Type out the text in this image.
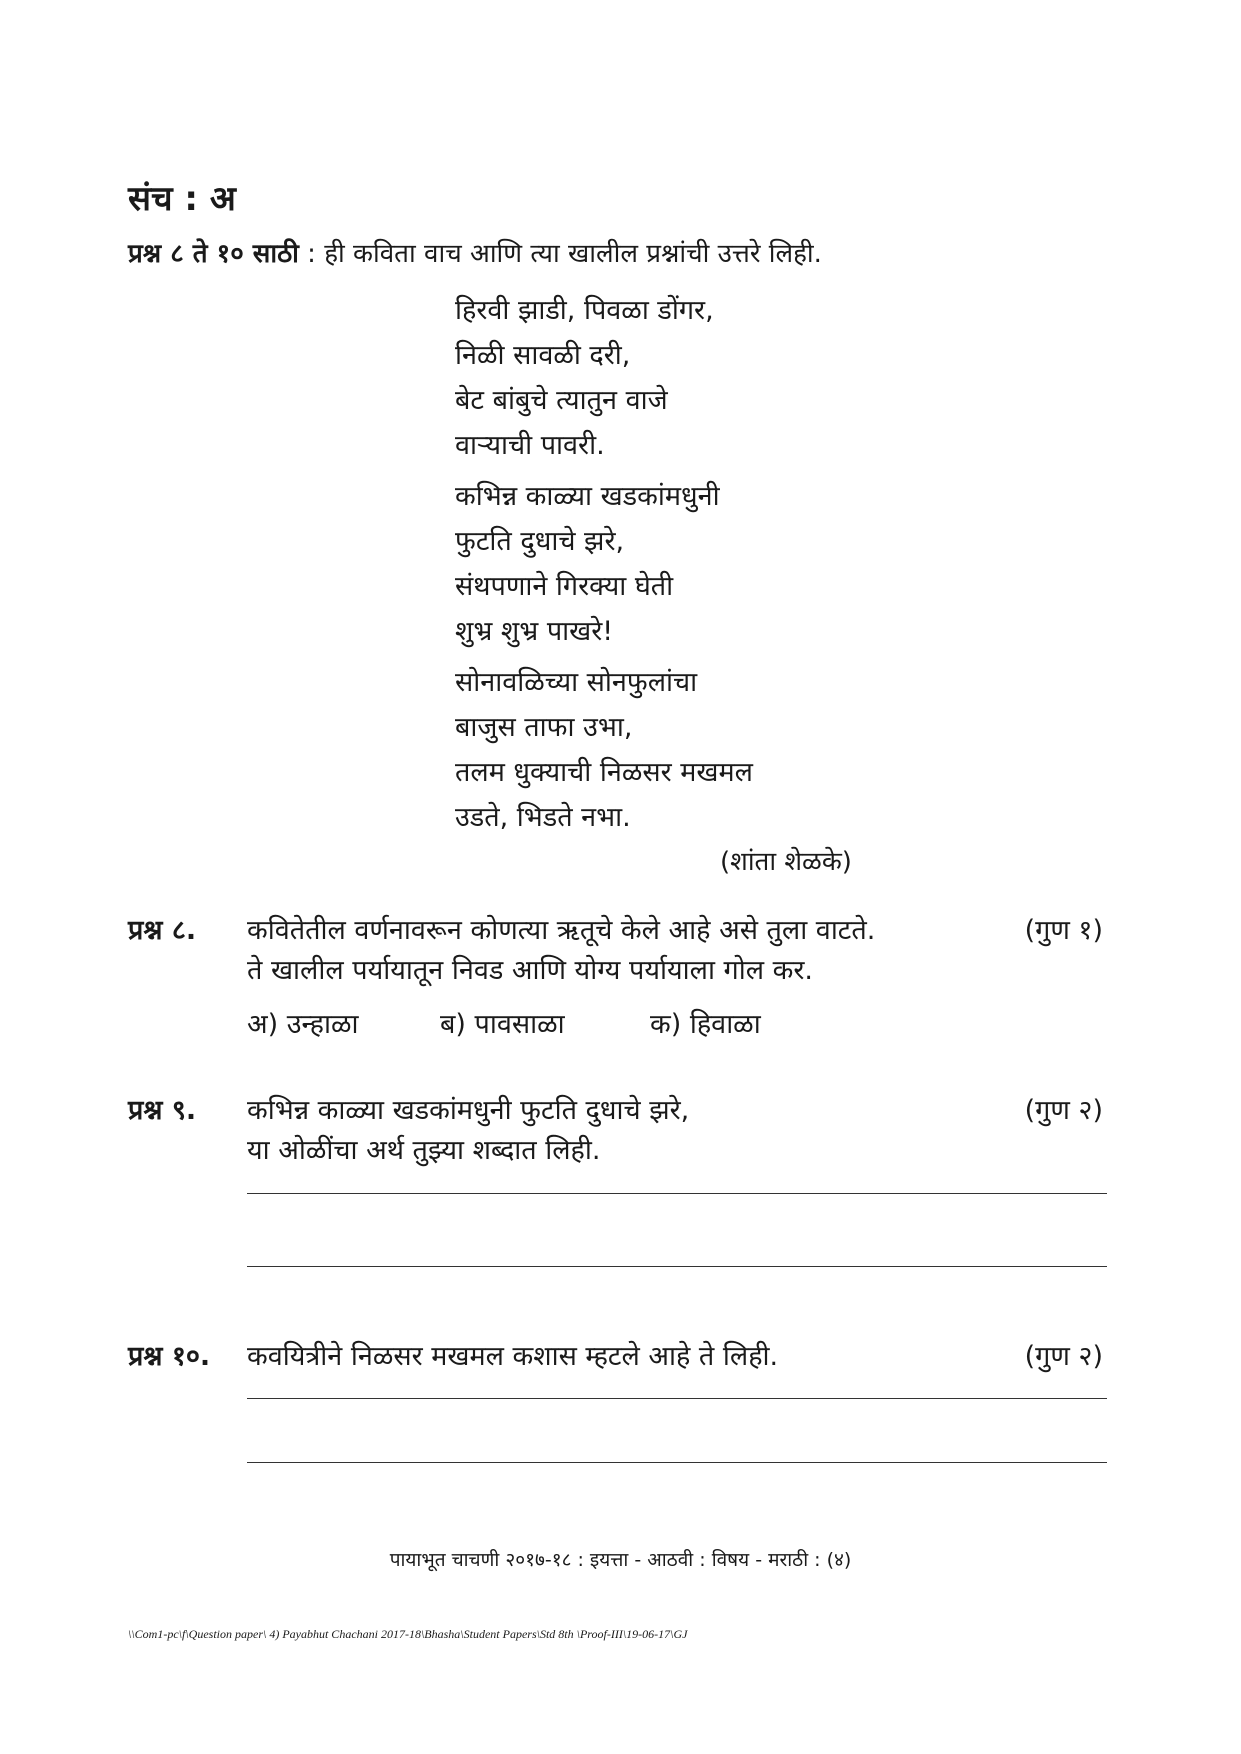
संच : अ
प्रश्न ८ ते १० साठी : ही कविता वाच आणि त्या खालील प्रश्नांची उत्तरे लिही.
हिरवी झाडी, पिवळा डोंगर,
निळी सावळी दरी,
बेट बांबुचे त्यातुन वाजे
वाऱ्याची पावरी.
कभिन्न काळ्या खडकांमधुनी
फुटति दुधाचे झरे,
संथपणाने गिरक्या घेती
शुभ्र शुभ्र पाखरे!
सोनावळिच्या सोनफुलांचा
बाजुस ताफा उभा,
तलम धुक्याची निळसर मखमल
उडते, भिडते नभा.
(शांता शेळके)
प्रश्न ८. कवितेतील वर्णनावरून कोणत्या ऋतूचे केले आहे असे तुला वाटते.	(गुण १)
ते खालील पर्यायातून निवड आणि योग्य पर्यायाला गोल कर.
अ) उन्हाळा	ब) पावसाळा	क) हिवाळा
प्रश्न ९. कभिन्न काळ्या खडकांमधुनी फुटति दुधाचे झरे,	(गुण २)
या ओळींचा अर्थ तुझ्या शब्दात लिही.
प्रश्न १०. कवयित्रीने निळसर मखमल कशास म्हटले आहे ते लिही.	(गुण २)
पायाभूत चाचणी २०१७-१८ : इयत्ता - आठवी : विषय - मराठी : (४)
\\Com1-pc\f\Question paper\ 4) Payabhut Chachani 2017-18\Bhasha\Student Papers\Std 8th \Proof-III\19-06-17\GJ
